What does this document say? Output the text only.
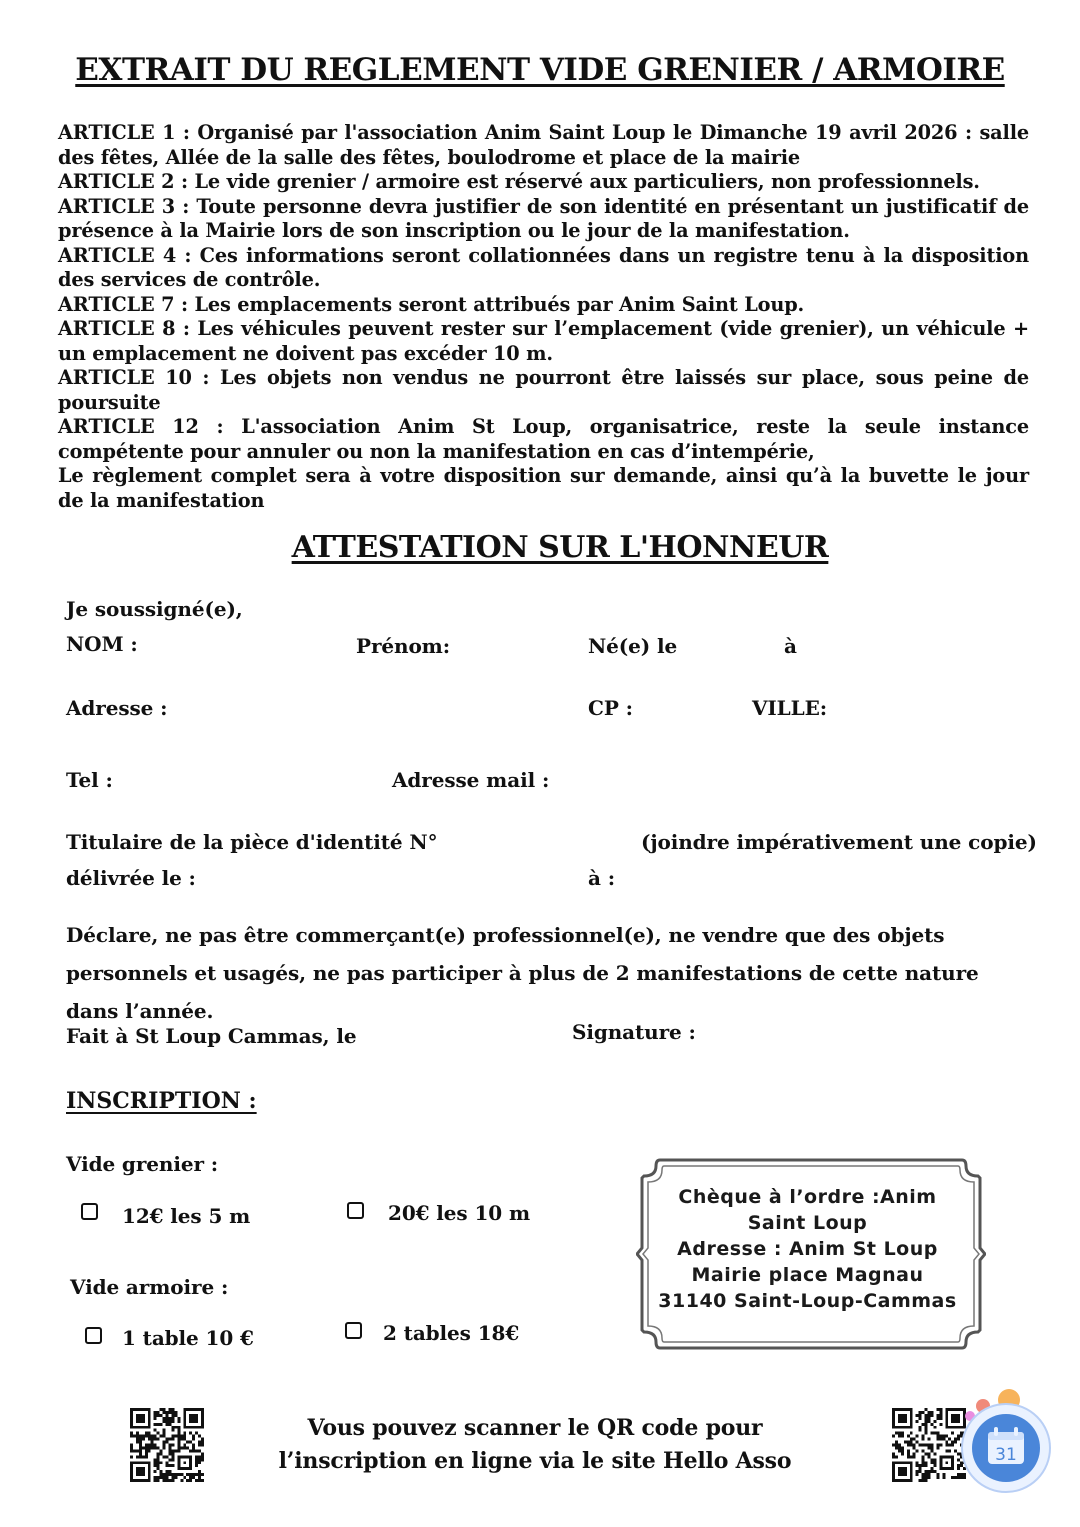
EXTRAIT DU REGLEMENT VIDE GRENIER / ARMOIRE

ARTICLE 1 : Organisé par l'association Anim Saint Loup le Dimanche 19 avril 2026 : salle des fêtes, Allée de la salle des fêtes, boulodrome et place de la mairie

ARTICLE 2 : Le vide grenier / armoire est réservé aux particuliers, non professionnels.

ARTICLE 3 : Toute personne devra justifier de son identité en présentant un justificatif de présence à la Mairie lors de son inscription ou le jour de la manifestation.

ARTICLE 4 : Ces informations seront collationnées dans un registre tenu à la disposition des services de contrôle.

ARTICLE 7 : Les emplacements seront attribués par Anim Saint Loup.

ARTICLE 8 : Les véhicules peuvent rester sur l’emplacement (vide grenier), un véhicule + un emplacement ne doivent pas excéder 10 m.

ARTICLE 10 : Les objets non vendus ne pourront être laissés sur place, sous peine de poursuite

ARTICLE 12 : L'association Anim St Loup, organisatrice, reste la seule instance compétente pour annuler ou non la manifestation en cas d’intempérie,

Le règlement complet sera à votre disposition sur demande, ainsi qu’à la buvette le jour de la manifestation

ATTESTATION SUR L'HONNEUR
Je soussigné(e),
NOM :	Prénom:	Né(e) le	à
Adresse :	CP :	VILLE:
Tel :	Adresse mail :
Titulaire de la pièce d'identité N°	(joindre impérativement une copie)
délivrée le :	à :
Déclare, ne pas être commerçant(e) professionnel(e), ne vendre que des objets personnels et usagés, ne pas participer à plus de 2 manifestations de cette nature dans l’année.
Fait à St Loup Cammas, le	Signature :
INSCRIPTION :
Vide grenier :
12€ les 5 m	20€ les 10 m
Vide armoire :
1 table 10 €	2 tables 18€
Chèque à l’ordre :Anim
Saint Loup
Adresse : Anim St Loup
Mairie place Magnau
31140 Saint-Loup-Cammas
Vous pouvez scanner le QR code pour
l’inscription en ligne via le site Hello Asso	31
